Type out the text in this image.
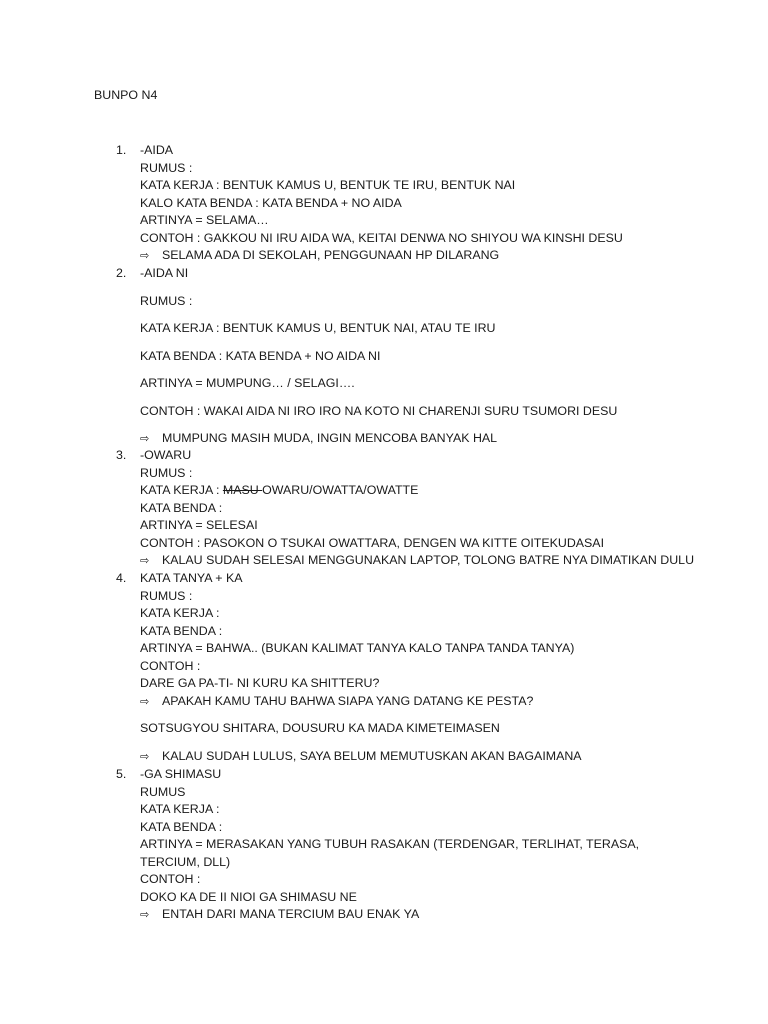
BUNPO N4
1.	-AIDA
RUMUS :
KATA KERJA : BENTUK KAMUS U, BENTUK TE IRU, BENTUK NAI
KALO KATA BENDA : KATA BENDA + NO AIDA
ARTINYA = SELAMA…
CONTOH : GAKKOU NI IRU AIDA WA, KEITAI DENWA NO SHIYOU WA KINSHI DESU
⇨ SELAMA ADA DI SEKOLAH, PENGGUNAAN HP DILARANG
2.	-AIDA NI
RUMUS :
KATA KERJA : BENTUK KAMUS U, BENTUK NAI, ATAU TE IRU
KATA BENDA : KATA BENDA + NO AIDA NI
ARTINYA = MUMPUNG… / SELAGI….
CONTOH : WAKAI AIDA NI IRO IRO NA KOTO NI CHARENJI SURU TSUMORI DESU
⇨ MUMPUNG MASIH MUDA, INGIN MENCOBA BANYAK HAL
3.	-OWARU
RUMUS :
KATA KERJA : MASU OWARU/OWATTA/OWATTE
KATA BENDA :
ARTINYA = SELESAI
CONTOH : PASOKON O TSUKAI OWATTARA, DENGEN WA KITTE OITEKUDASAI
⇨ KALAU SUDAH SELESAI MENGGUNAKAN LAPTOP, TOLONG BATRE NYA DIMATIKAN DULU
4.	KATA TANYA + KA
RUMUS :
KATA KERJA :
KATA BENDA :
ARTINYA = BAHWA.. (BUKAN KALIMAT TANYA KALO TANPA TANDA TANYA)
CONTOH :
DARE GA PA-TI- NI KURU KA SHITTERU?
⇨ APAKAH KAMU TAHU BAHWA SIAPA YANG DATANG KE PESTA?
SOTSUGYOU SHITARA, DOUSURU KA MADA KIMETEIMASEN
⇨ KALAU SUDAH LULUS, SAYA BELUM MEMUTUSKAN AKAN BAGAIMANA
5.	-GA SHIMASU
RUMUS
KATA KERJA :
KATA BENDA :
ARTINYA = MERASAKAN YANG TUBUH RASAKAN (TERDENGAR, TERLIHAT, TERASA, TERCIUM, DLL)
CONTOH :
DOKO KA DE II NIOI GA SHIMASU NE
⇨ ENTAH DARI MANA TERCIUM BAU ENAK YA
